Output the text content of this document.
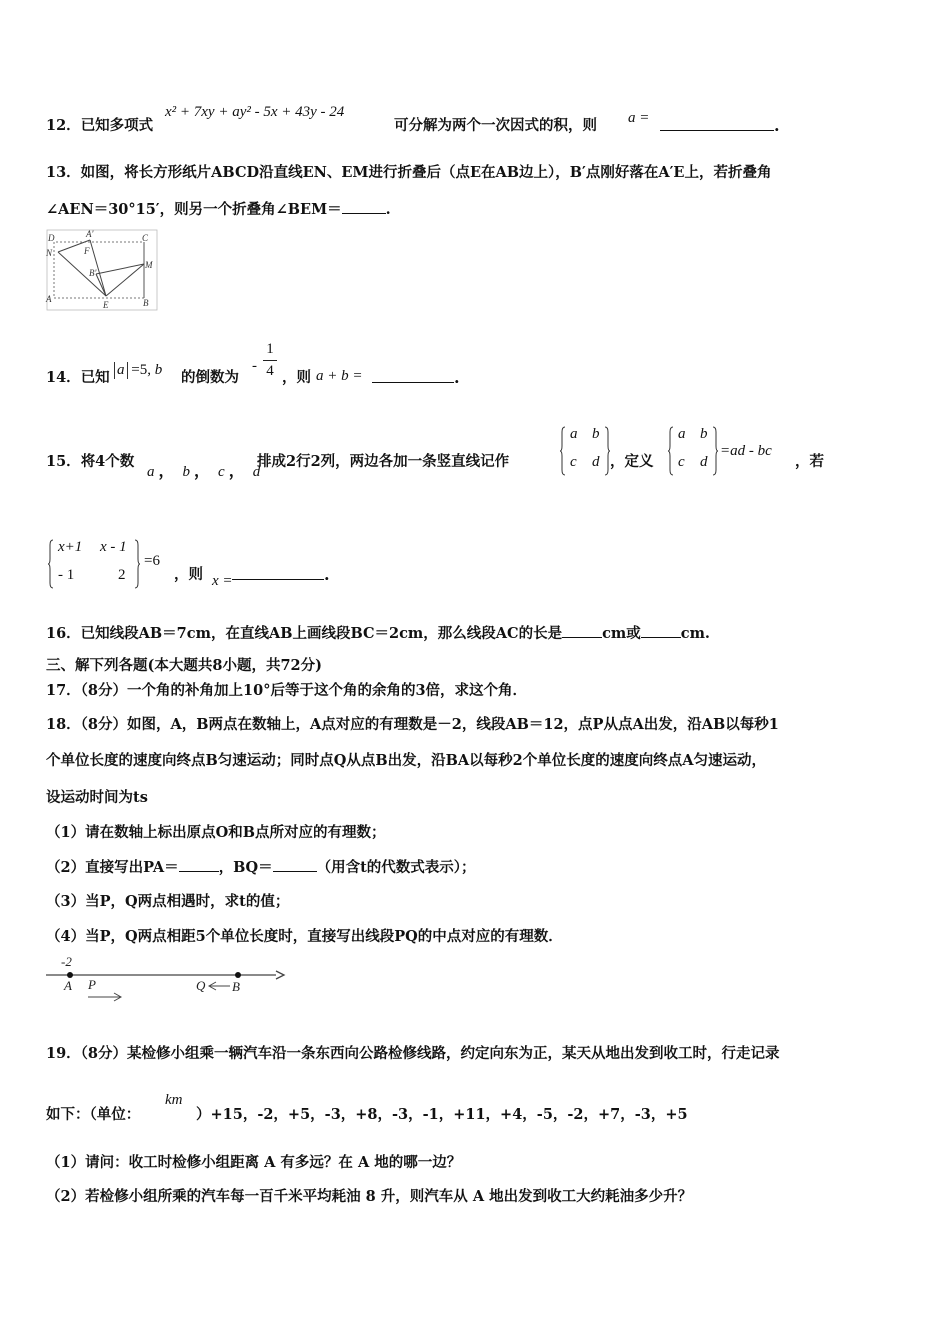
12．已知多项式
x² + 7xy + ay² - 5x + 43y - 24
可分解为两个一次因式的积，则 a =	.
13．如图，将长方形纸片ABCD沿直线EN、EM进行折叠后（点E在AB边上），B′点刚好落在A′E上，若折叠角
∠AEN＝30°15′，则另一个折叠角∠BEM＝	.
D	A'	C
N	F
M
B'
A
E	B
14．已知 a =5, b 的倒数为
-
1
4 ，则 a + b =	.
15．将4个数
a ， b ， c ， d
排成2行2列，两边各加一条竖直线记作
a b
c d ，定义
a b
c d
=ad - bc
，若
x+1 x - 1
- 1	2
=6
，则 x =	.
16．已知线段AB＝7cm，在直线AB上画线段BC＝2cm，那么线段AC的长是	cm或	cm.
三、解下列各题(本大题共8小题，共72分)
17．（8分）一个角的补角加上10°后等于这个角的余角的3倍，求这个角．
18．（8分）如图，A，B两点在数轴上，A点对应的有理数是－2，线段AB＝12，点P从点A出发，沿AB以每秒1
个单位长度的速度向终点B匀速运动；同时点Q从点B出发，沿BA以每秒2个单位长度的速度向终点A匀速运动，
设运动时间为ts
（1）请在数轴上标出原点O和B点所对应的有理数；
（2）直接写出PA＝	，BQ＝	（用含t的代数式表示）；
（3）当P，Q两点相遇时，求t的值；
（4）当P，Q两点相距5个单位长度时，直接写出线段PQ的中点对应的有理数．
-2
A P	Q B
19．（8分）某检修小组乘一辆汽车沿一条东西向公路检修线路，约定向东为正，某天从地出发到收工时，行走记录
如下：（单位：
km
）+15，-2，+5，-3，+8，-3，-1，+11，+4，-5，-2，+7，-3，+5
（1）请问：收工时检修小组距离 A 有多远？在 A 地的哪一边？
（2）若检修小组所乘的汽车每一百千米平均耗油 8 升，则汽车从 A 地出发到收工大约耗油多少升？
